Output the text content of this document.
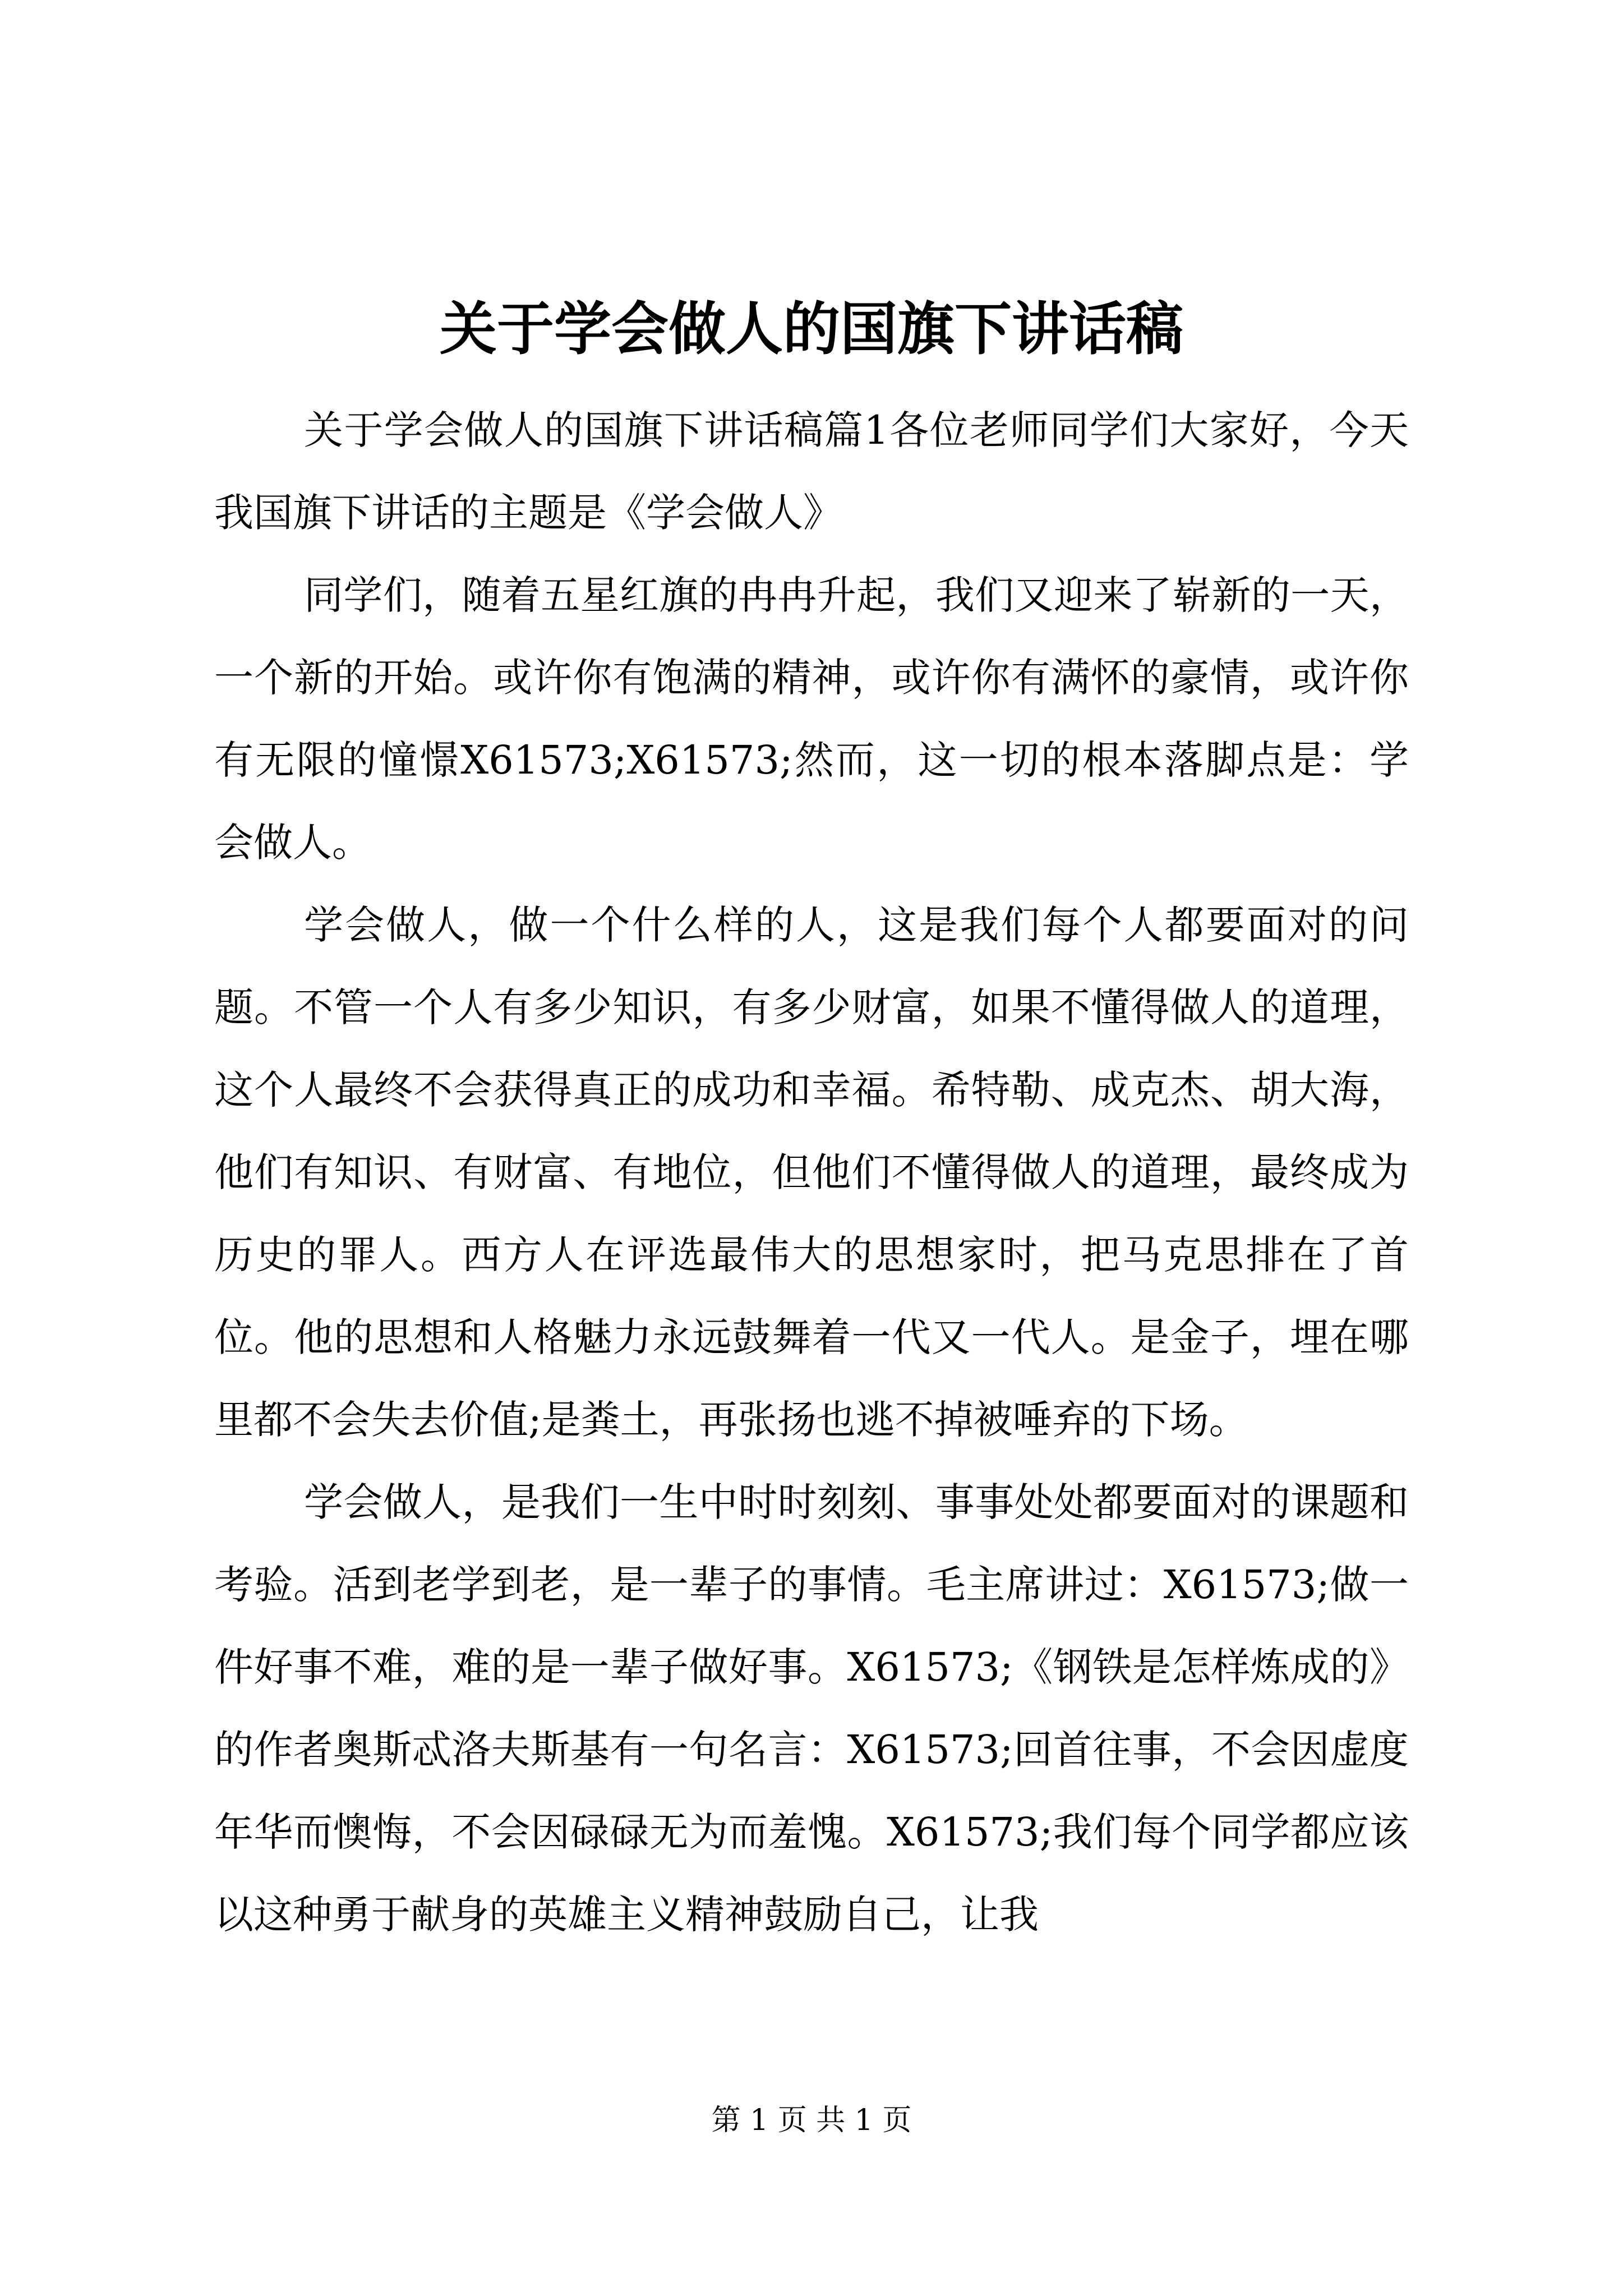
关于学会做人的国旗下讲话稿

关于学会做人的国旗下讲话稿篇1各位老师同学们大家好，今天我国旗下讲话的主题是《学会做人》

同学们，随着五星红旗的冉冉升起，我们又迎来了崭新的一天，一个新的开始。或许你有饱满的精神，或许你有满怀的豪情，或许你有无限的憧憬X61573;X61573;然而，这一切的根本落脚点是：学会做人。

学会做人，做一个什么样的人，这是我们每个人都要面对的问题。不管一个人有多少知识，有多少财富，如果不懂得做人的道理，这个人最终不会获得真正的成功和幸福。希特勒、成克杰、胡大海，他们有知识、有财富、有地位，但他们不懂得做人的道理，最终成为历史的罪人。西方人在评选最伟大的思想家时，把马克思排在了首位。他的思想和人格魅力永远鼓舞着一代又一代人。是金子，埋在哪里都不会失去价值;是粪土，再张扬也逃不掉被唾弃的下场。

学会做人，是我们一生中时时刻刻、事事处处都要面对的课题和考验。活到老学到老，是一辈子的事情。毛主席讲过：X61573;做一件好事不难，难的是一辈子做好事。X61573;《钢铁是怎样炼成的》的作者奥斯忒洛夫斯基有一句名言：X61573;回首往事，不会因虚度年华而懊悔，不会因碌碌无为而羞愧。X61573;我们每个同学都应该以这种勇于献身的英雄主义精神鼓励自己，让我

第 1 页 共 1 页
